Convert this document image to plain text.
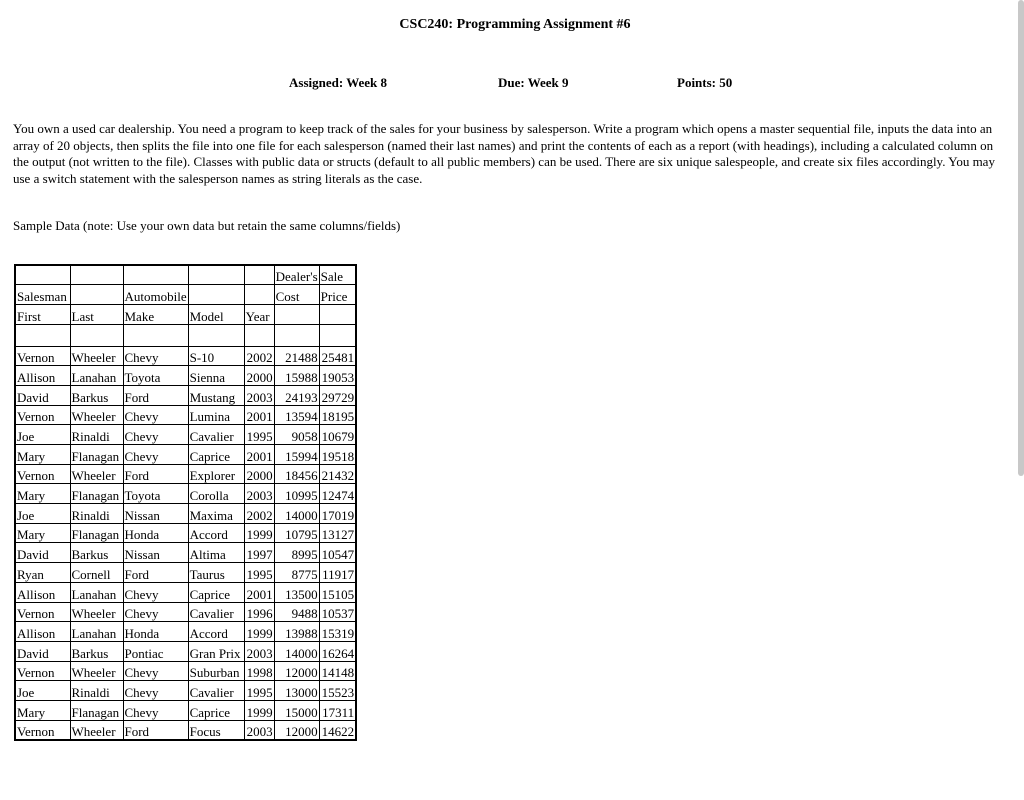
CSC240: Programming Assignment #6
Assigned: Week 8	Due: Week 9	Points: 50

You own a used car dealership. You need a program to keep track of the sales for your business by salesperson. Write a program which opens a master sequential file, inputs the data into an array of 20 objects, then splits the file into one file for each salesperson (named their last names) and print the contents of each as a report (with headings), including a calculated column on the output (not written to the file). Classes with public data or structs (default to all public members) can be used. There are six unique salespeople, and create six files accordingly. You may use a switch statement with the salesperson names as string literals as the case.

Sample Data (note: Use your own data but retain the same columns/fields)

					Dealer's	Sale
Salesman		Automobile			Cost	Price
First	Last	Make	Model	Year		

Vernon	Wheeler	Chevy	S-10	2002	21488	25481
Allison	Lanahan	Toyota	Sienna	2000	15988	19053
David	Barkus	Ford	Mustang	2003	24193	29729
Vernon	Wheeler	Chevy	Lumina	2001	13594	18195
Joe	Rinaldi	Chevy	Cavalier	1995	9058	10679
Mary	Flanagan	Chevy	Caprice	2001	15994	19518
Vernon	Wheeler	Ford	Explorer	2000	18456	21432
Mary	Flanagan	Toyota	Corolla	2003	10995	12474
Joe	Rinaldi	Nissan	Maxima	2002	14000	17019
Mary	Flanagan	Honda	Accord	1999	10795	13127
David	Barkus	Nissan	Altima	1997	8995	10547
Ryan	Cornell	Ford	Taurus	1995	8775	11917
Allison	Lanahan	Chevy	Caprice	2001	13500	15105
Vernon	Wheeler	Chevy	Cavalier	1996	9488	10537
Allison	Lanahan	Honda	Accord	1999	13988	15319
David	Barkus	Pontiac	Gran Prix	2003	14000	16264
Vernon	Wheeler	Chevy	Suburban	1998	12000	14148
Joe	Rinaldi	Chevy	Cavalier	1995	13000	15523
Mary	Flanagan	Chevy	Caprice	1999	15000	17311
Vernon	Wheeler	Ford	Focus	2003	12000	14622
